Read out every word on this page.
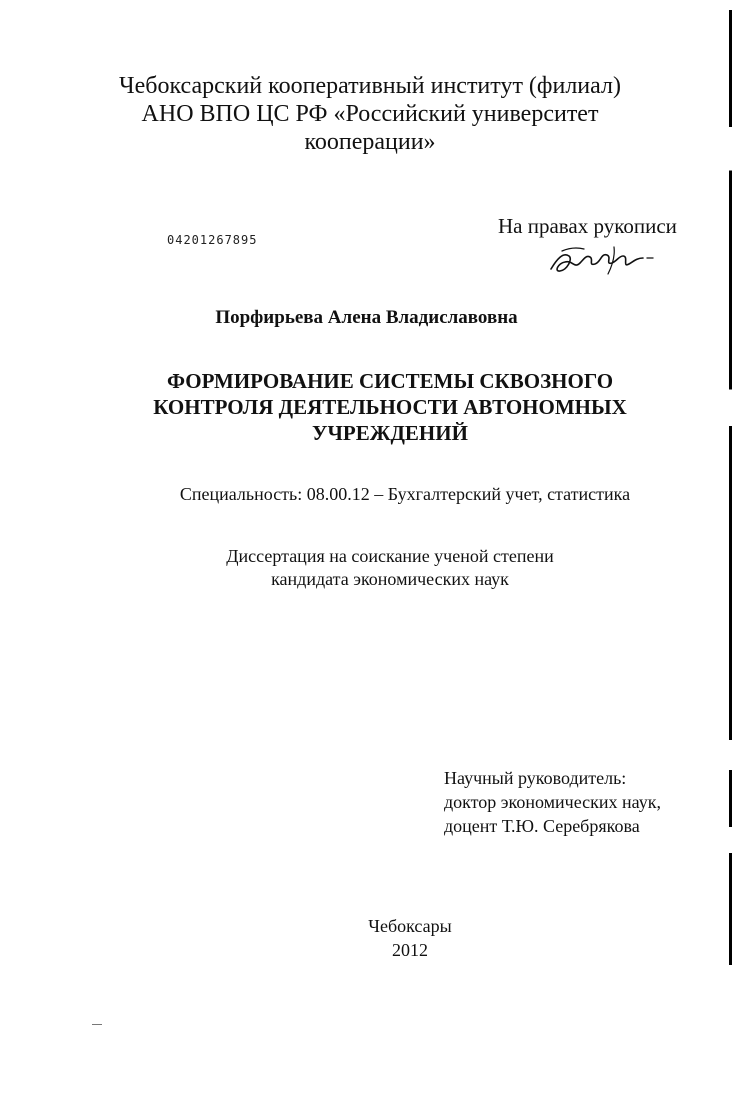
Чебоксарский кооперативный институт (филиал)
АНО ВПО ЦС РФ «Российский университет
кооперации»
На правах рукописи
04201267895
Порфирьева Алена Владиславовна
ФОРМИРОВАНИЕ СИСТЕМЫ СКВОЗНОГО
КОНТРОЛЯ ДЕЯТЕЛЬНОСТИ АВТОНОМНЫХ
УЧРЕЖДЕНИЙ
Специальность: 08.00.12 – Бухгалтерский учет, статистика
Диссертация на соискание ученой степени
кандидата экономических наук
Научный руководитель:
доктор экономических наук,
доцент Т.Ю. Серебрякова
Чебоксары
2012
